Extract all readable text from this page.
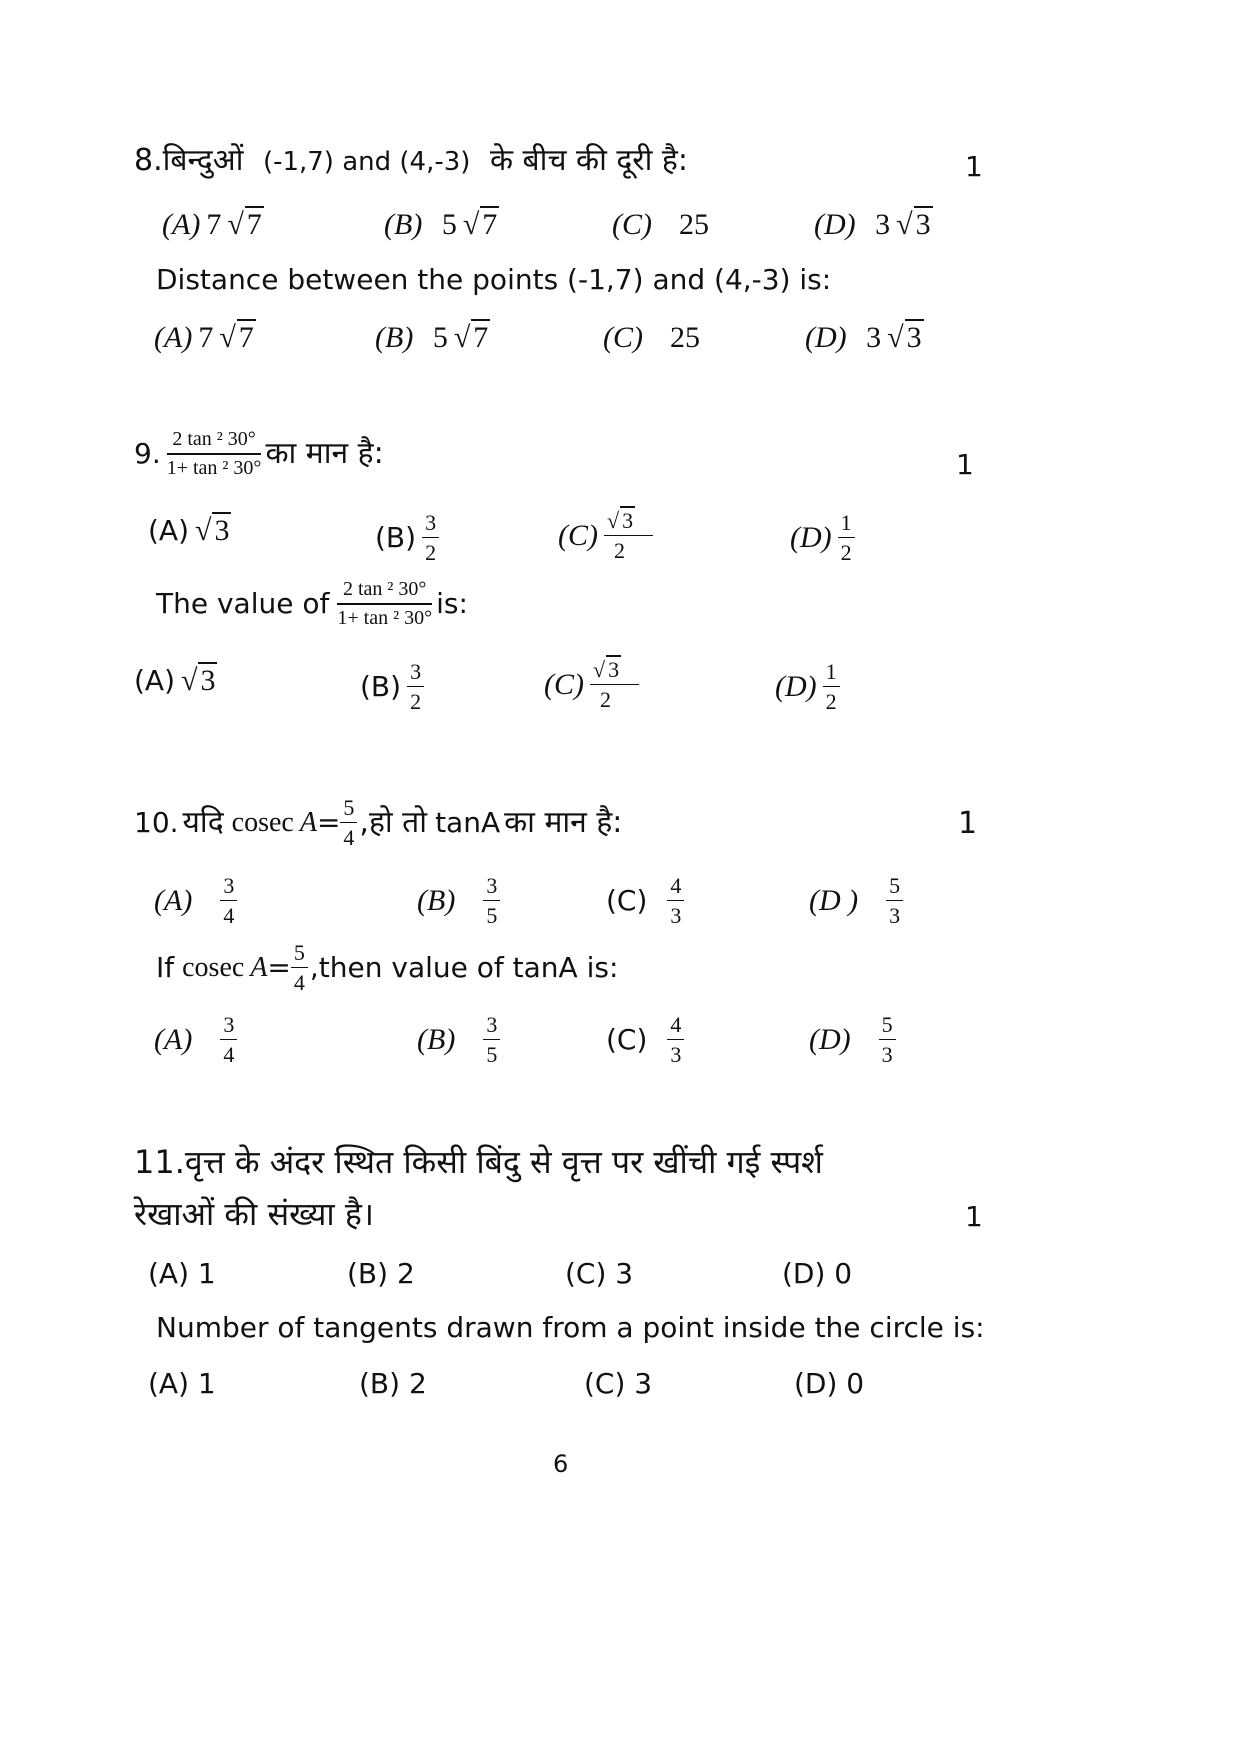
8.बिन्दुओं (-1,7) and (4,-3) के बीच की दूरी है:	1
(A) 7 √ 7	(B)
5 √ 7	(C)
25	(D)
3 √ 3
Distance between the points (-1,7) and (4,-3) is:
(A) 7 √ 7	(B)
5 √ 7	(C)
25	(D)
3 √ 3
9. $\frac{\text{2 tan ² 30°}}{\text{1+ tan ² 30°}}$ का मान है:	1
(A) √ 3	$(B) \frac{3}{2}$	$(C) \frac{√ 3}{2}$	$(D) \frac{1}{2}$
The value of $\frac{\text{2 tan ² 30°}}{\text{1+ tan ² 30°}}$ is:
(A) √ 3	$(B) \frac{3}{2}$	$(C) \frac{√ 3}{2}$	$(D) \frac{1}{2}$
10. यदि cosec $A = \frac{5}{4}$ ,हो तो tanA का मान है:	1
$(A) \frac{3}{4}$	$(B) \frac{3}{5}$	$(C) \frac{4}{3}$	(D ) $\frac{5}{3}$
If cosec $A = \frac{5}{4}$ ,then value of tanA is:
$(A) \frac{3}{4}$	$(B) \frac{3}{5}$	$(C) \frac{4}{3}$	$(D) \frac{5}{3}$
11.वृत्त के अंदर स्थित किसी बिंदु से वृत्त पर खींची गई स्पर्श
रेखाओं की संख्या है।	1
(A) 1	(B) 2	(C) 3	(D) 0
Number of tangents drawn from a point inside the circle is:
(A) 1	(B) 2	(C) 3	(D) 0
6
